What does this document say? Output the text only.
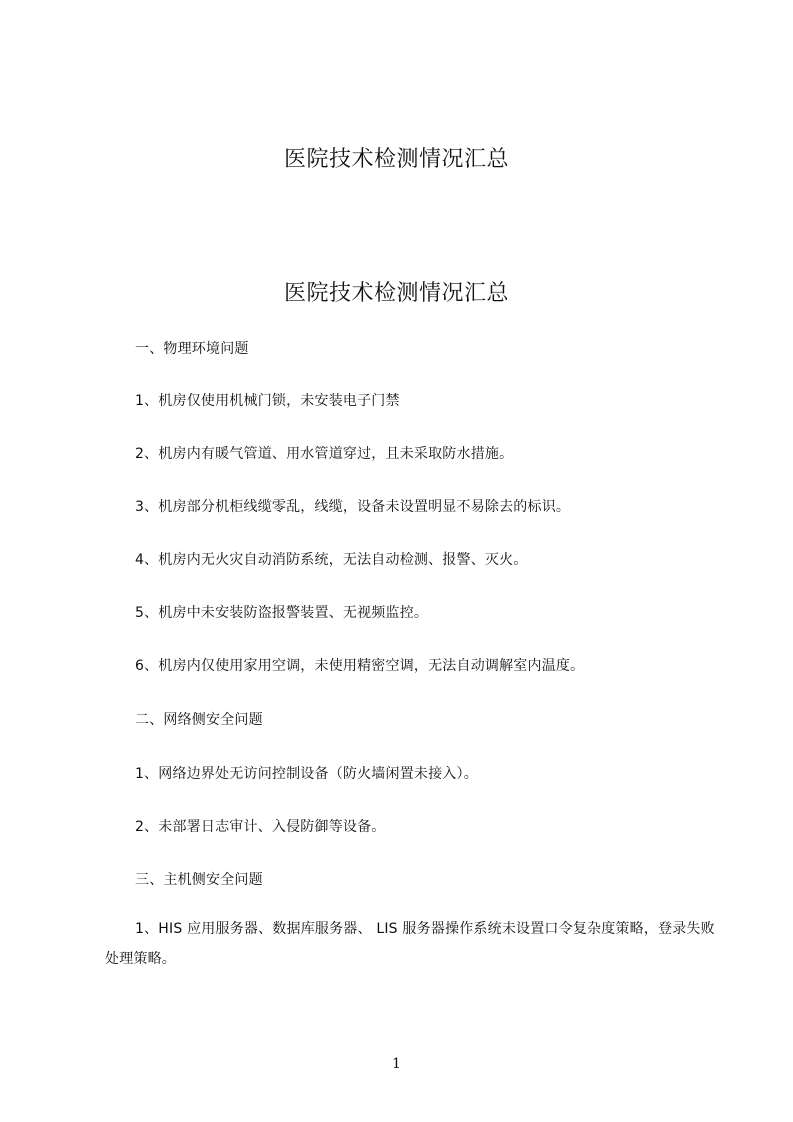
医院技术检测情况汇总
医院技术检测情况汇总
一、物理环境问题
1、机房仅使用机械门锁，未安装电子门禁
2、机房内有暖气管道、用水管道穿过，且未采取防水措施。
3、机房部分机柜线缆零乱，线缆，设备未设置明显不易除去的标识。
4、机房内无火灾自动消防系统，无法自动检测、报警、灭火。
5、机房中未安装防盗报警装置、无视频监控。
6、机房内仅使用家用空调，未使用精密空调，无法自动调解室内温度。
二、网络侧安全问题
1、网络边界处无访问控制设备（防火墙闲置未接入）。
2、未部署日志审计、入侵防御等设备。
三、主机侧安全问题
1、HIS 应用服务器、数据库服务器、 LIS 服务器操作系统未设置口令复杂度策略，登录失败处理策略。
1
